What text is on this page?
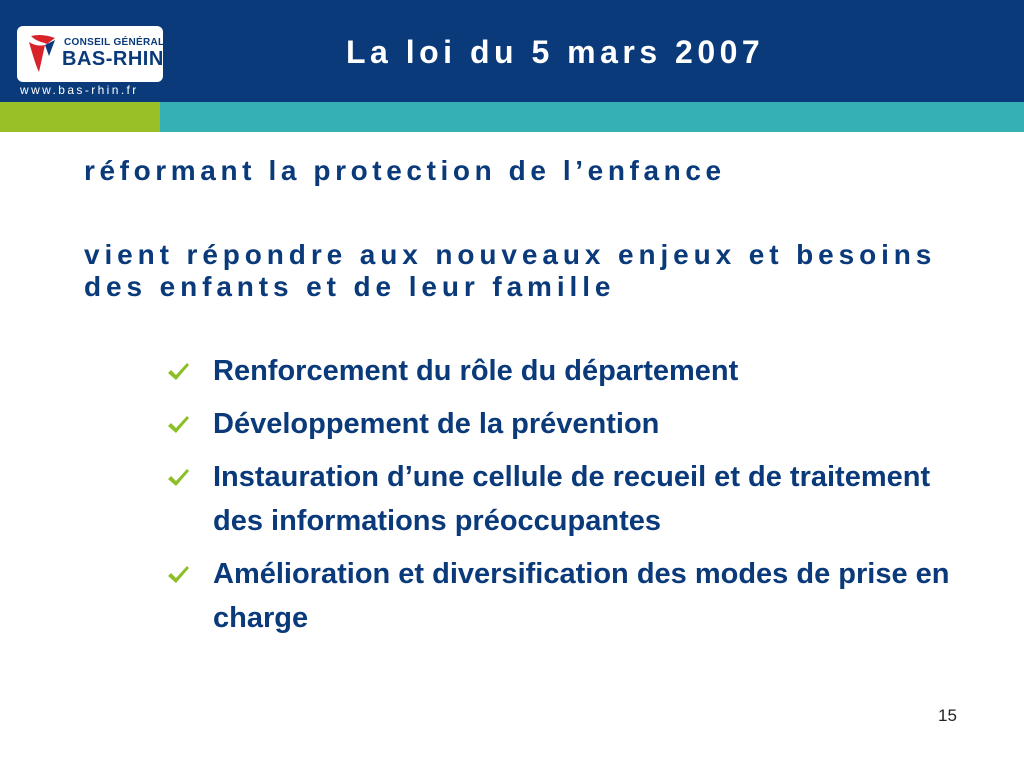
CONSEIL GÉNÉRAL
BAS-RHIN
www.bas-rhin.fr
La loi du 5 mars 2007
réformant la protection de l’enfance
vient répondre aux nouveaux enjeux et besoins des enfants et de leur famille
Renforcement du rôle du département
Développement de la prévention
Instauration d’une cellule de recueil et de traitement des informations préoccupantes
Amélioration et diversification des modes de prise en charge
15
